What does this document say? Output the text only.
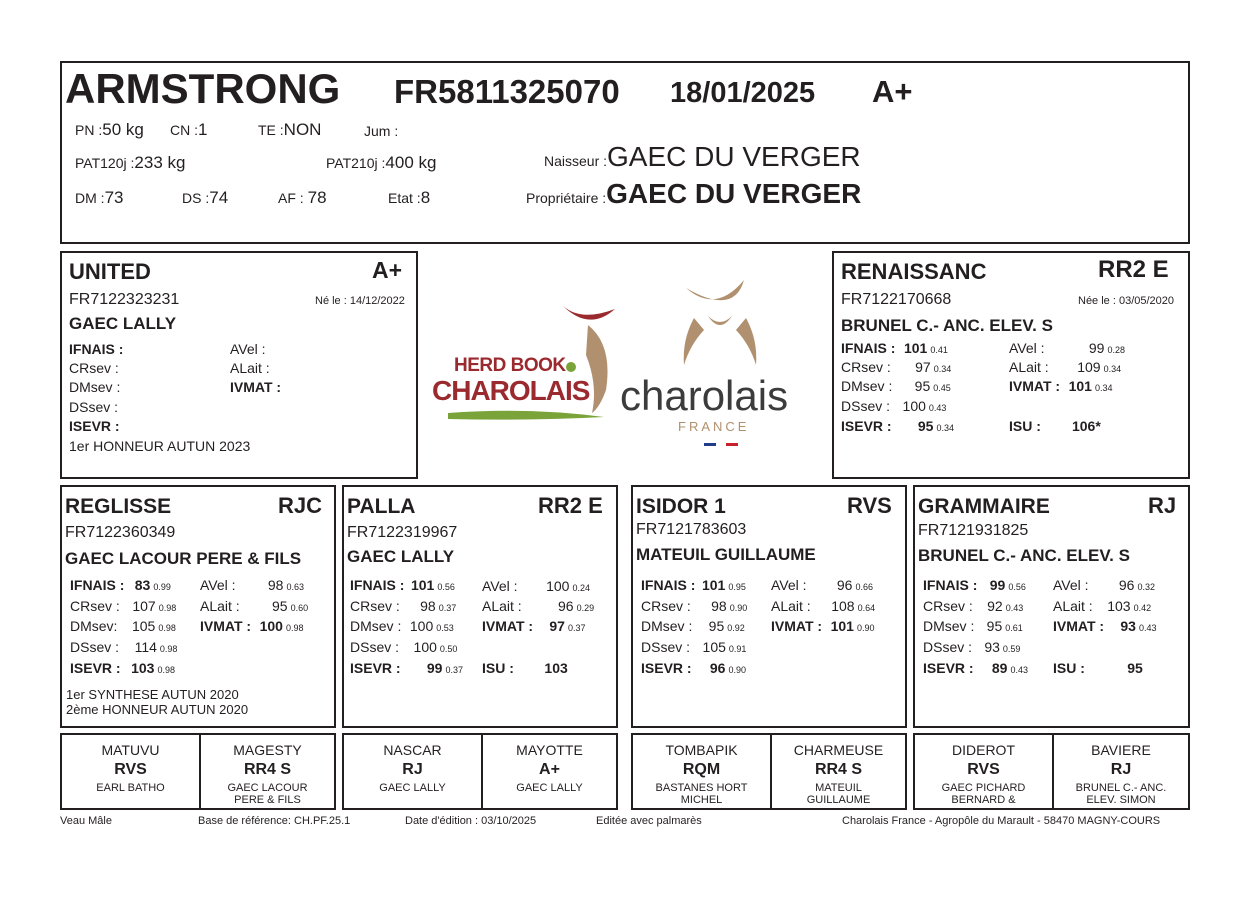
ARMSTRONG FR5811325070 18/01/2025 A+
PN :50 kg CN :1	TE :NON	Jum :
PAT120j :233 kg	PAT210j :400 kg	Naisseur :GAEC DU VERGER
DM :73	DS :74	AF : 78	Etat :8	Propriétaire :GAEC DU VERGER
UNITED	A+
FR7122323231	Né le : 14/12/2022
GAEC LALLY
IFNAIS :	AVel :
CRsev :	ALait :
DMsev :	IVMAT :
DSsev :
ISEVR :
1er HONNEUR AUTUN 2023
HERD BOOK
CHAROLAIS charolais
FRANCE
RENAISSANC	RR2 E
FR7122170668	Née le : 03/05/2020
BRUNEL C.- ANC. ELEV. S
IFNAIS : 101 0.41	AVel :	99 0.28
CRsev : 97 0.34	ALait : 109 0.34
DMsev : 95 0.45	IVMAT : 101 0.34
DSsev : 100 0.43
ISEVR : 95 0.34	ISU : 106*
REGLISSE	RJC
FR7122360349
GAEC LACOUR PERE & FILS
IFNAIS : 83 0.99 AVel : 98 0.63
CRsev : 107 0.98 ALait : 95 0.60
DMsev: 105 0.98 IVMAT : 100 0.98
DSsev : 114 0.98
ISEVR : 103 0.98
1er SYNTHESE AUTUN 2020
2ème HONNEUR AUTUN 2020
PALLA	RR2 E
FR7122319967
GAEC LALLY
IFNAIS : 101 0.56 AVel : 100 0.24
CRsev : 98 0.37 ALait :	96 0.29
DMsev : 100 0.53 IVMAT : 97 0.37
DSsev : 100 0.50
ISEVR : 99 0.37 ISU : 103
ISIDOR 1	RVS
FR7121783603
MATEUIL GUILLAUME
IFNAIS : 101 0.95 AVel : 96 0.66
CRsev : 98 0.90 ALait : 108 0.64
DMsev : 95 0.92 IVMAT : 101 0.90
DSsev : 105 0.91
ISEVR : 96 0.90
GRAMMAIRE	RJ
FR7121931825
BRUNEL C.- ANC. ELEV. S
IFNAIS : 99 0.56 AVel : 96 0.32
CRsev : 92 0.43 ALait : 103 0.42
DMsev : 95 0.61 IVMAT : 93 0.43
DSsev : 93 0.59
ISEVR : 89 0.43 ISU :	95
MATUVU
RVS
EARL BATHO
MAGESTY
RR4 S
GAEC LACOUR
PERE & FILS
NASCAR
RJ
GAEC LALLY
MAYOTTE
A+
GAEC LALLY
TOMBAPIK
RQM
BASTANES HORT
MICHEL
CHARMEUSE
RR4 S
MATEUIL
GUILLAUME
DIDEROT
RVS
GAEC PICHARD
BERNARD &
BAVIERE
RJ
BRUNEL C.- ANC.
ELEV. SIMON
Veau Mâle	Base de référence: CH.PF.25.1	Date d'édition : 03/10/2025	Editée avec palmarès	Charolais France - Agropôle du Marault - 58470 MAGNY-COURS
